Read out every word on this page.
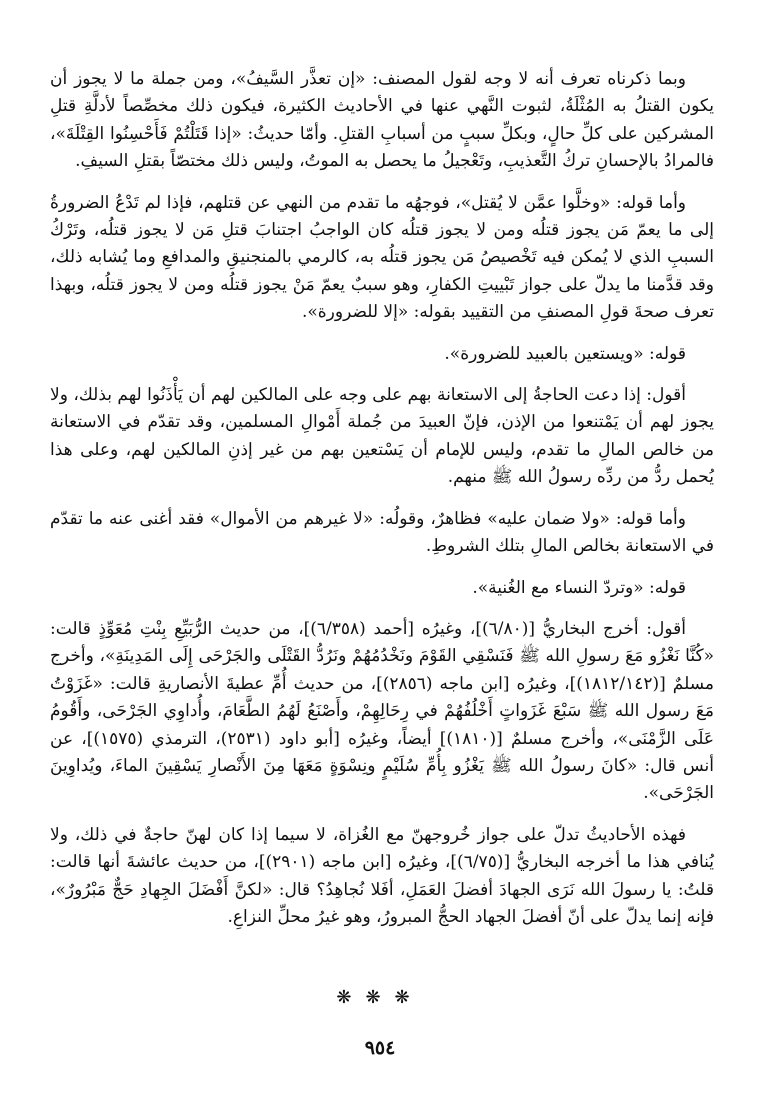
وبما ذكرناه تعرف أنه لا وجه لقول المصنف: «إن تعذَّر السَّيفُ»، ومن جملة ما لا يجوز أن يكون القتلُ به المُثْلَةُ، لثبوت النَّهي عنها في الأحاديث الكثيرة، فيكون ذلك مخصِّصاً لأدلَّةِ قتلِ المشركين على كلِّ حالٍ، وبكلِّ سببٍ من أسبابِ القتلِ. وأمّا حديثُ: «إذا قَتَلْتُمْ فَأَحْسِنُوا القِتْلَةَ»، فالمرادُ بالإحسانِ تركُ التَّعذيبِ، وتَعْجيلُ ما يحصل به الموتُ، وليس ذلك مختصّاً بقتلِ السيفِ.

وأما قوله: «وخلَّوا عمَّن لا يُقتل»، فوجهُه ما تقدم من النهي عن قتلهم، فإذا لم تَدْعُ الضرورةُ إلى ما يعمّ مَن يجوز قتلُه ومن لا يجوز قتلُه كان الواجبُ اجتنابَ قتلِ مَن لا يجوز قتلُه، وتَرْكُ السببِ الذي لا يُمكن فيه تَخْصيصُ مَن يجوز قتلُه به، كالرمي بالمنجنيقِ والمدافعِ وما يُشابه ذلك، وقد قدَّمنا ما يدلّ على جواز تَبْييتِ الكفارِ، وهو سببٌ يعمّ مَنْ يجوز قتلُه ومن لا يجوز قتلُه، وبهذا تعرف صحةَ قولِ المصنفِ من التقييد بقوله: «إلا للضرورة».

قوله: «ويستعين بالعبيد للضرورة».

أقول: إذا دعت الحاجةُ إلى الاستعانة بهم على وجه على المالكين لهم أن يَأْذَنُوا لهم بذلك، ولا يجوز لهم أن يَمْتنعوا من الإذن، فإنّ العبيدَ من جُملة أَمْوالِ المسلمين، وقد تقدّم في الاستعانة من خالص المالِ ما تقدم، وليس للإمام أن يَسْتعين بهم من غير إذنِ المالكين لهم، وعلى هذا يُحمل ردُّ من ردِّه رسولُ الله ﷺ منهم.

وأما قوله: «ولا ضمان عليه» فظاهرٌ، وقولُه: «لا غيرهم من الأموال» فقد أغنى عنه ما تقدّم في الاستعانة بخالص المالِ بتلك الشروطِ.

قوله: «وتردّ النساء مع الغُنية».

أقول: أخرج البخاريُّ [(٦/٨٠)]، وغيرُه [أحمد (٦/٣٥٨)]، من حديث الرُّبَيِّعِ بِنْتِ مُعَوِّذٍ قالت: «كُنَّا نَغْزُو مَعَ رسولِ الله ﷺ فَنَسْقِي القَوْمَ ونَخْدُمُهُمْ ونَرُدُّ القَتْلَى والجَرْحَى إِلَى المَدِينَةِ»، وأخرج مسلمٌ [(١٨١٢/١٤٢)]، وغيرُه [ابن ماجه (٢٨٥٦)]، من حديث أُمِّ عطيةَ الأنصاريةِ قالت: «غَزَوْتُ مَعَ رسول الله ﷺ سَبْعَ غَزَواتٍ أَخْلُفُهُمْ في رِحَالِهِمْ، وأَصْنَعُ لَهُمُ الطَّعَامَ، وأُداوِي الجَرْحَى، وأَقُومُ عَلَى الزَّمْنَى»، وأخرج مسلمٌ [(١٨١٠)] أيضاً، وغيرُه [أبو داود (٢٥٣١)، الترمذي (١٥٧٥)]، عن أنس قال: «كانَ رسولُ الله ﷺ يَغْزُو بِأُمِّ سُلَيْمٍ ونِسْوَةٍ مَعَهَا مِنَ الأَنْصارِ يَسْقِينَ الماءَ، ويُداوِينَ الجَرْحَى».

فهذه الأحاديثُ تدلّ على جواز خُروجهنّ مع الغُزاة، لا سيما إذا كان لهنّ حاجةٌ في ذلك، ولا يُنافي هذا ما أخرجه البخاريُّ [(٦/٧٥)]، وغيرُه [ابن ماجه (٢٩٠١)]، من حديث عائشةَ أنها قالت: قلتُ: يا رسولَ الله نَرَى الجهادَ أفضلَ العَمَلِ، أفَلا نُجاهِدُ؟ قال: «لكنَّ أَفْضَلَ الجِهادِ حَجٌّ مَبْرُورٌ»، فإنه إنما يدلّ على أنّ أفضلَ الجهاد الحجُّ المبرورُ، وهو غيرُ محلِّ النزاعِ.

❋❋❋
٩٥٤
